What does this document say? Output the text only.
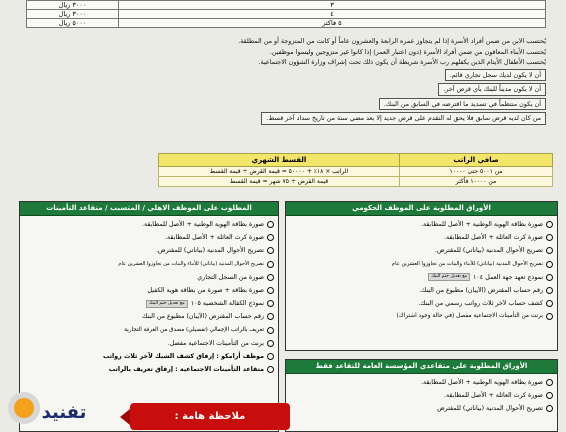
٣	٣٠٠٠ ريال
٤	٣٠٠٠ ريال
٥ فاكثر	٥٠٠٠ ريال
يُحتسب الابن من ضمن أفراد الأسرة إذا لم يتجاوز عمره الرابعة والعشرون عاماً أو كانت من المتزوجة أو من المطلقة.
يُحتسب الأبناء المعاقون من ضمن أفراد الأسرة (دون اعتبار العمر) إذا كانوا غير متزوجين وليسوا موظفين.
يُحتسب الأطفال الأيتام الذين يكفلهم رب الأسرة شريطة أن يكون ذلك تحت إشراف وزارة الشؤون الاجتماعية.
أن لا يكون لديك سجل تجاري قائم.
أن لا يكون مديناً للبنك بأي قرض آخر.
أن يكون منتظماً في تسديد ما اقترضه في السابق من البنك.
من كان لديه قرض سابق فلا يحق له التقدم على قرض جديد إلا بعد مضي سنة من تاريخ سداد آخر قسط.
صافي الراتب	القسط الشهري
من ٥٠٠١ حتى ١٠٠٠٠	الراتب × ١٨٪ + ٥٠٠٠٠ = قيمة القرض ÷ قيمة القسط
من ١٠٠٠٠ فأكثر	قيمة القرض ÷ ٧٥ شهر = قيمة القسط
الأوراق المطلوبة على الموظف الحكومي
صورة بطاقة الهوية الوطنية + الأصل للمطابقة.
صورة كرت العائلة + الأصل للمطابقة.
تصريح الأحوال المدنية (بياناتي) للمقترض.
تصريح الأحوال المدنية (بياناتي) للأبناء والبنات من تجاوزوا العشرين عام
نموذج تعهد جهة العمل ١٠٤
مع تعديل ختم البنك
رقم حساب المقترض (الآيبان) مطبوع من البنك.
كشف حساب لآخر ثلاث رواتب رسمي من البنك.
برنت من التأمينات الاجتماعية مفصل (في حالة وجود اشتراك)
الأوراق المطلوبة على متقاعدي المؤسسة العامة للتقاعد فقط
صورة بطاقة الهوية الوطنية + الأصل للمطابقة.
صورة كرت العائلة + الأصل للمطابقة.
تصريح الأحوال المدنية (بياناتي) للمقترض
المطلوب على الموظف الاهلي / المتسبب / متقاعد التأمينات
صورة بطاقة الهوية الوطنية + الأصل للمطابقة.
صورة كرت العائلة + الأصل للمطابقة.
تصريح الأحوال المدنية (بياناتي) للمقترض.
تصريح الأحوال المدنية (بياناتي) للأبناء والبنات من تجاوزوا العشرين عام
صورة من السجل التجاري
صورة بطاقة + صورة من بطاقة هوية الكفيل
نموذج الكفالة الشخصية ١٠٥
مع تعديل ختم البنك
رقم حساب المقترض (الآيبان) مطبوع من البنك
تعريف بالراتب الإجمالي (تفصيلي) مصدق من الغرفة التجارية
برنت من التأمينات الاجتماعية مفصل.
موظف أرامكو : إرفاق كشف الشبك لآخر ثلاث رواتب
متقاعد التأمينات الاجتماعية : إرفاق تعريف بالراتب
ملاحظة هامة :
تفنيد
